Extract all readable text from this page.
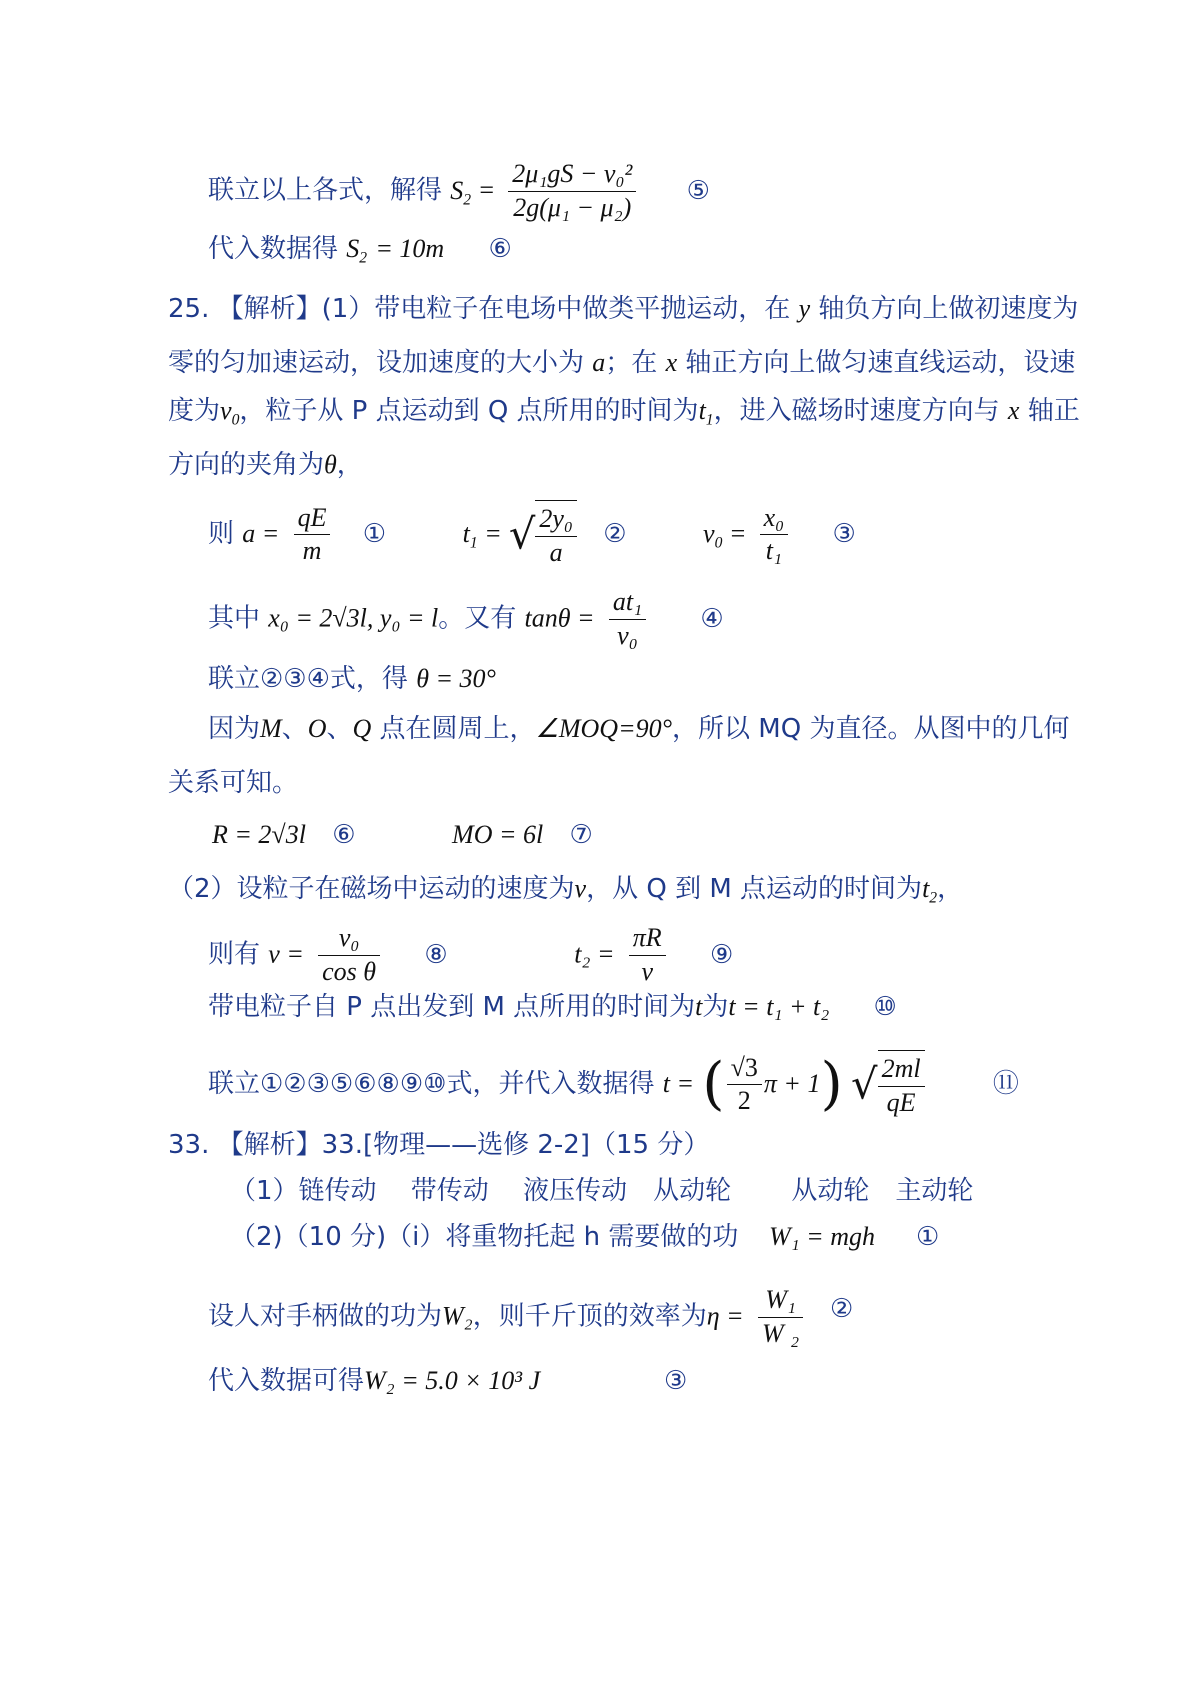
联立以上各式，解得 $S_2 = \frac{\text{2μ₁gS − v₀²}}{\text{2g(μ₁ − μ₂)}}$ ⑤
代入数据得 $S_2 = 10m$ ⑥
25. 【解析】(1）带电粒子在电场中做类平抛运动，在 y 轴负方向上做初速度为
零的匀加速运动，设加速度的大小为 a；在 x 轴正方向上做匀速直线运动，设速
度为$v_0$，粒子从 P 点运动到 Q 点所用的时间为$t_1$，进入磁场时速度方向与 x 轴正
方向的夹角为θ，
则 $a = \frac{qE}{m}$ ①	$t_1$ = √ $\frac{\text{2y₀}}{a}$ ②	$v_0 = \frac{\text{x₀}}{\text{t₁}}$ ③
其中 x₀ = 2√3l, y₀ = l。又有 $\tan\theta = \frac{\text{at₁}}{\text{v₀}}$ ④
联立②③④式，得 θ = 30°
因为M、O、Q 点在圆周上，∠MOQ=90°，所以 MQ 为直径。从图中的几何
关系可知。
R = 2√3l ⑥	MO = 6l ⑦
（2）设粒子在磁场中运动的速度为v，从 Q 到 M 点运动的时间为$t_2$，
则有 $v = \frac{\text{v₀}}{\text{cos θ}}$ ⑧	$t_2 = \frac{\pi R}{v}$ ⑨
带电粒子自 P 点出发到 M 点所用的时间为t为t = t₁ + t₂ ⑩
联立①②③⑤⑥⑧⑨⑩式，并代入数据得 t = ( $\frac{√3}{2}$ π + 1) √ $\frac{2ml}{qE}$	⑪
33. 【解析】33.[物理——选修 2-2]（15 分）
（1）链传动　 带传动　 液压传动　从动轮　　 从动轮　主动轮
（2)（10 分)（ⅰ）将重物托起 h 需要做的功 W₁ = mgh ①
设人对手柄做的功为W₂，则千斤顶的效率为$\eta = \frac{\text{W₁}}{\text{W ₂}}$ ②
代入数据可得W₂ = 5.0 × 10³ J	③
